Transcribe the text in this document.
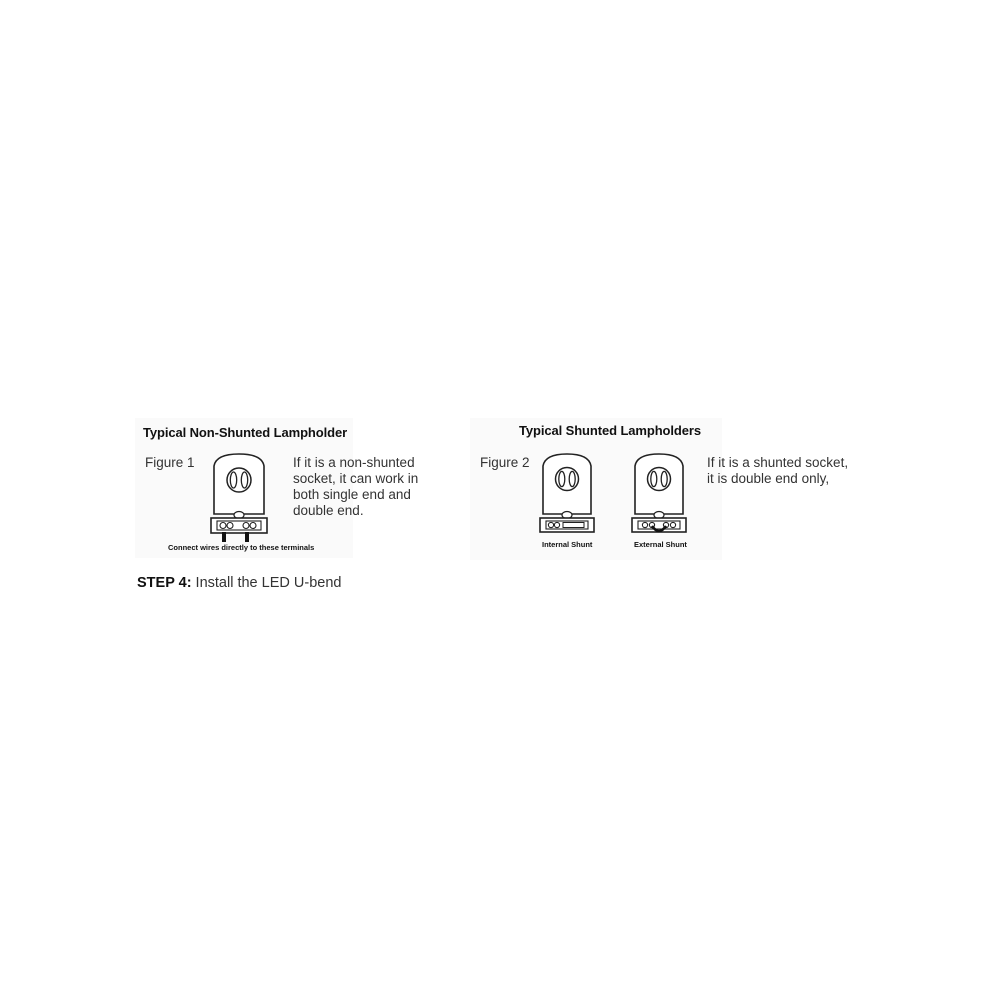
Typical Non-Shunted Lampholder
Figure 1	If it is a non-shunted
socket, it can work in
both single end and
double end.
Connect wires directly to these terminals
Typical Shunted Lampholders
Figure 2
Internal Shunt	External Shunt
If it is a shunted socket,
it is double end only,
STEP 4: Install the LED U-bend
